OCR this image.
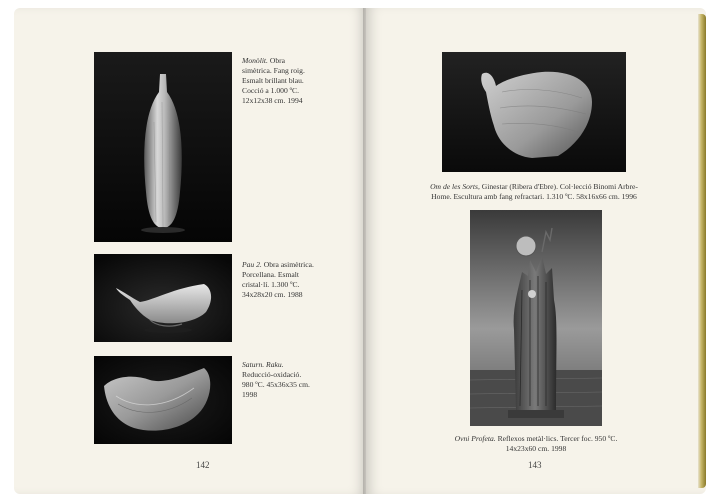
Monòlit. Obra
simètrica. Fang roig.
Esmalt brillant blau.
Cocció a 1.000 ºC.
12x12x38 cm. 1994
Pau 2. Obra asimètrica.
Porcellana. Esmalt
cristal·lí. 1.300 ºC.
34x28x20 cm. 1988
Saturn. Raku.
Reducció-oxidació.
980 ºC. 45x36x35 cm.
1998
142
Om de les Sorts, Ginestar (Ribera d'Ebre). Col·lecció Binomi Arbre-
Home. Escultura amb fang refractari. 1.310 ºC. 58x16x66 cm. 1996
Ovni Profeta. Reflexos metàl·lics. Tercer foc. 950 ºC.
14x23x60 cm. 1998
143
